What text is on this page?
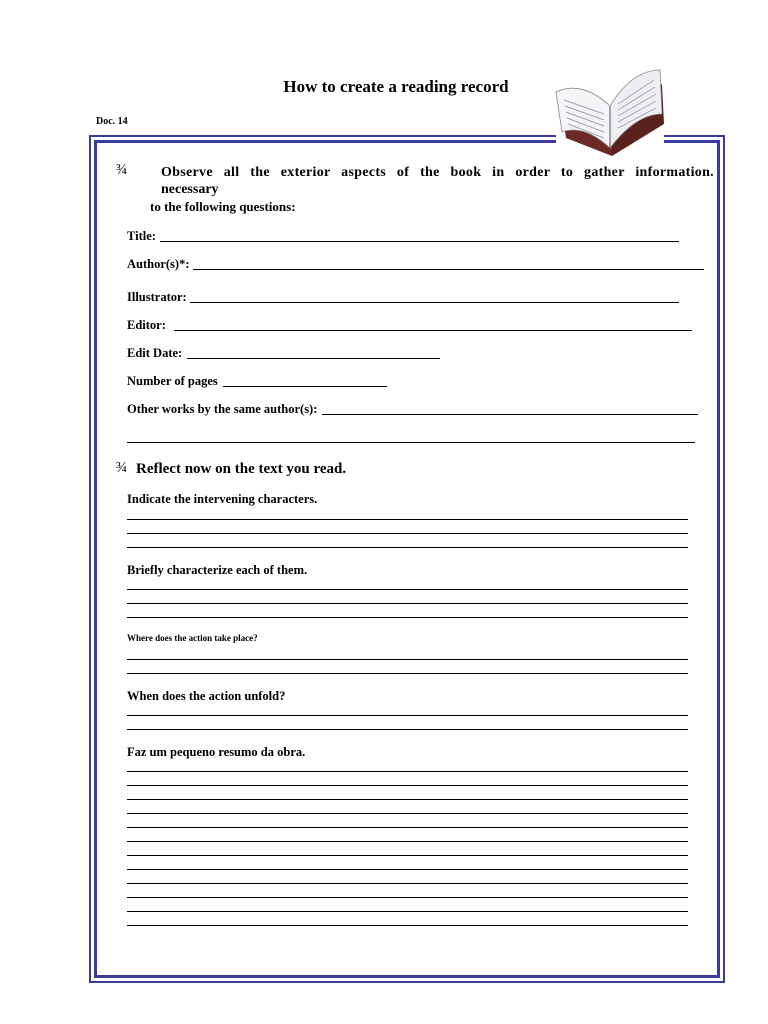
How to create a reading record
Doc. 14
¾ Observe all the exterior aspects of the book in order to gather information.
necessary
to the following questions:
Title:
Author(s)*:
Illustrator:
Editor:
Edit Date:
Number of pages
Other works by the same author(s):
¾ Reflect now on the text you read.
Indicate the intervening characters.
Briefly characterize each of them.
Where does the action take place?
When does the action unfold?
Faz um pequeno resumo da obra.
